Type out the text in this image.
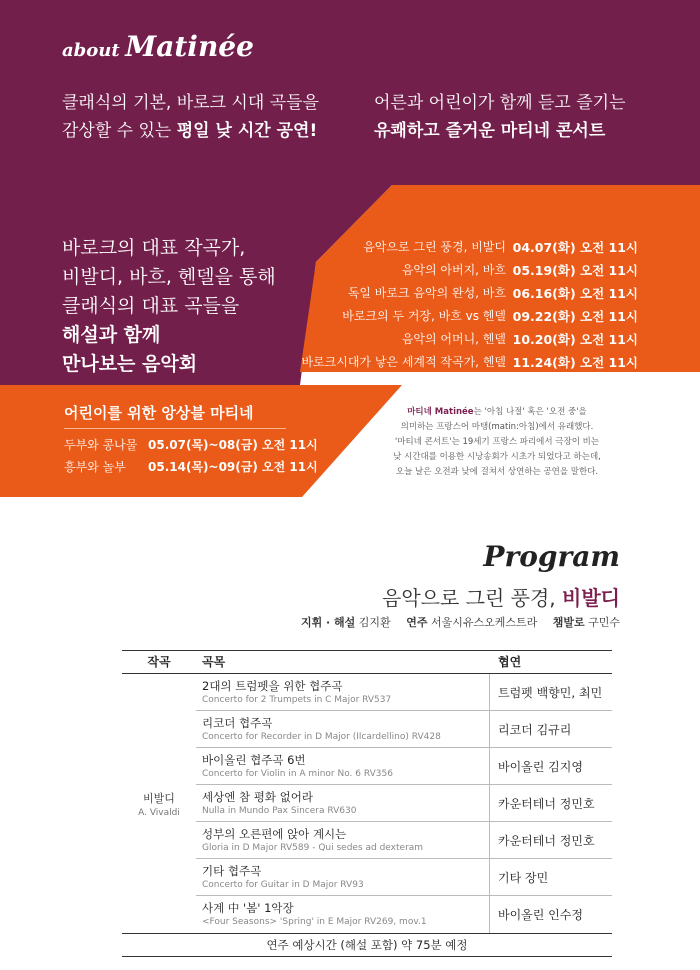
about Matinée
클래식의 기본, 바로크 시대 곡들을
감상할 수 있는 평일 낮 시간 공연!
어른과 어린이가 함께 듣고 즐기는
유쾌하고 즐거운 마티네 콘서트
바로크의 대표 작곡가,
비발디, 바흐, 헨델을 통해
클래식의 대표 곡들을
해설과 함께
만나보는 음악회
음악으로 그린 풍경, 비발디 04.07(화) 오전 11시
음악의 아버지, 바흐 05.19(화) 오전 11시
독일 바로크 음악의 완성, 바흐 06.16(화) 오전 11시
바로크의 두 거장, 바흐 vs 헨델 09.22(화) 오전 11시
음악의 어머니, 헨델 10.20(화) 오전 11시
바로크시대가 낳은 세계적 작곡가, 헨델 11.24(화) 오전 11시
어린이를 위한 앙상블 마티네
두부와 콩나물 05.07(목)~08(금) 오전 11시
흥부와 놀부 05.14(목)~09(금) 오전 11시
마티네 Matinée는 '아침 나절' 혹은 '오전 중'을
의미하는 프랑스어 마탱(matin:아침)에서 유래했다.
'마티네 콘서트'는 19세기 프랑스 파리에서 극장이 비는
낮 시간대를 이용한 시낭송회가 시초가 되었다고 하는데,
오늘 날은 오전과 낮에 걸쳐서 상연하는 공연을 말한다.
Program
음악으로 그린 풍경, 비발디
지휘 · 해설 김지환 연주 서울시유스오케스트라 챔발로 구민수
작곡	곡목	협연
비발디
A. Vivaldi
2대의 트럼펫을 위한 협주곡
Concerto for 2 Trumpets in C Major RV537	트럼펫 백향민, 최민
리코더 협주곡
Concerto for Recorder in D Major (Ilcardellino) RV428	리코더 김규리
바이올린 협주곡 6번
Concerto for Violin in A minor No. 6 RV356	바이올린 김지영
세상엔 참 평화 없어라
Nulla in Mundo Pax Sincera RV630	카운터테너 정민호
성부의 오른편에 앉아 계시는
Gloria in D Major RV589 - Qui sedes ad dexteram	카운터테너 정민호
기타 협주곡
Concerto for Guitar in D Major RV93	기타 장민
사계 中 '봄' 1악장
<Four Seasons> 'Spring' in E Major RV269, mov.1	바이올린 인수정
연주 예상시간 (해설 포함) 약 75분 예정
